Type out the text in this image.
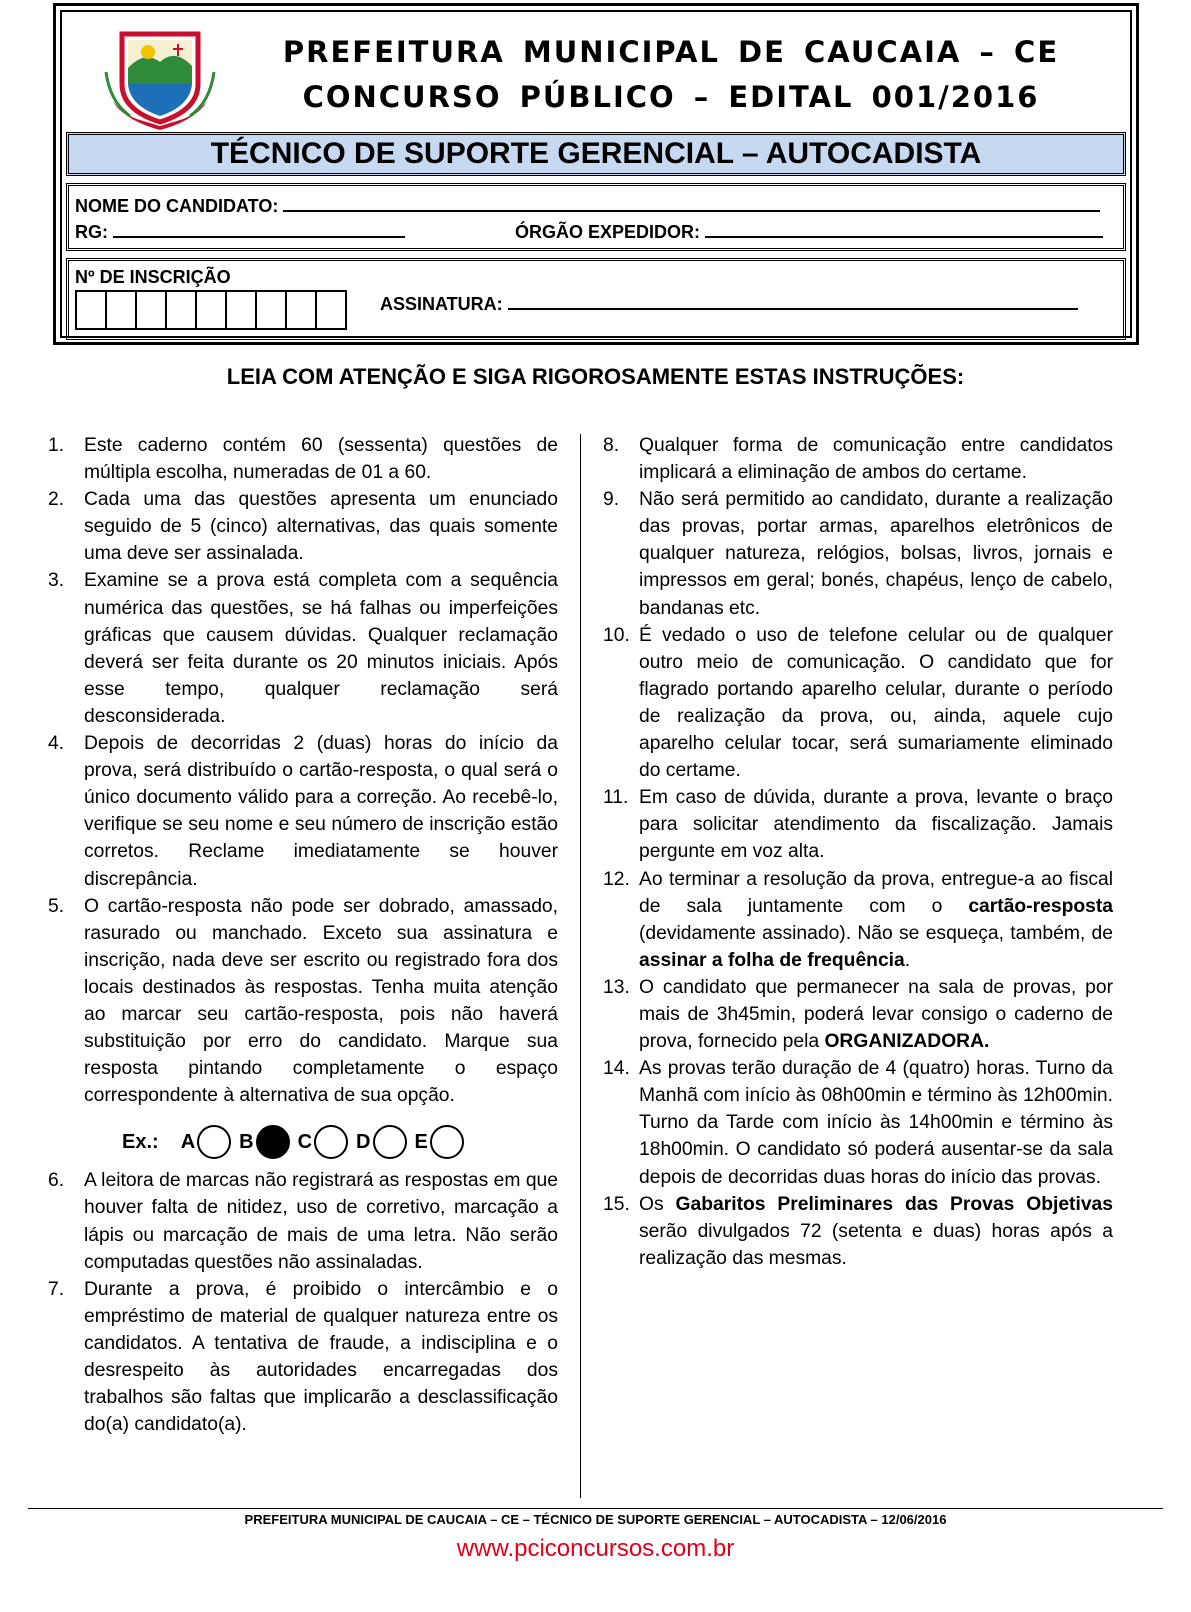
PREFEITURA MUNICIPAL DE CAUCAIA – CE
CONCURSO PÚBLICO – EDITAL 001/2016
TÉCNICO DE SUPORTE GERENCIAL – AUTOCADISTA
NOME DO CANDIDATO:
RG:	ÓRGÃO EXPEDIDOR:
Nº DE INSCRIÇÃO
ASSINATURA:
LEIA COM ATENÇÃO E SIGA RIGOROSAMENTE ESTAS INSTRUÇÕES:
1.	Este caderno contém 60 (sessenta) questões de múltipla escolha, numeradas de 01 a 60.
2.	Cada uma das questões apresenta um enunciado seguido de 5 (cinco) alternativas, das quais somente uma deve ser assinalada.
3.	Examine se a prova está completa com a sequência numérica das questões, se há falhas ou imperfeições gráficas que causem dúvidas. Qualquer reclamação deverá ser feita durante os 20 minutos iniciais. Após esse tempo, qualquer reclamação será desconsiderada.
4.	Depois de decorridas 2 (duas) horas do início da prova, será distribuído o cartão-resposta, o qual será o único documento válido para a correção. Ao recebê-lo, verifique se seu nome e seu número de inscrição estão corretos. Reclame imediatamente se houver discrepância.
5.	O cartão-resposta não pode ser dobrado, amassado, rasurado ou manchado. Exceto sua assinatura e inscrição, nada deve ser escrito ou registrado fora dos locais destinados às respostas. Tenha muita atenção ao marcar seu cartão-resposta, pois não haverá substituição por erro do candidato. Marque sua resposta pintando completamente o espaço correspondente à alternativa de sua opção.
Ex.: A B C D E
6.	A leitora de marcas não registrará as respostas em que houver falta de nitidez, uso de corretivo, marcação a lápis ou marcação de mais de uma letra. Não serão computadas questões não assinaladas.
7.	Durante a prova, é proibido o intercâmbio e o empréstimo de material de qualquer natureza entre os candidatos. A tentativa de fraude, a indisciplina e o desrespeito às autoridades encarregadas dos trabalhos são faltas que implicarão a desclassificação do(a) candidato(a).
8.	Qualquer forma de comunicação entre candidatos implicará a eliminação de ambos do certame.
9.	Não será permitido ao candidato, durante a realização das provas, portar armas, aparelhos eletrônicos de qualquer natureza, relógios, bolsas, livros, jornais e impressos em geral; bonés, chapéus, lenço de cabelo, bandanas etc.
10. É vedado o uso de telefone celular ou de qualquer outro meio de comunicação. O candidato que for flagrado portando aparelho celular, durante o período de realização da prova, ou, ainda, aquele cujo aparelho celular tocar, será sumariamente eliminado do certame.
11. Em caso de dúvida, durante a prova, levante o braço para solicitar atendimento da fiscalização. Jamais pergunte em voz alta.
12. Ao terminar a resolução da prova, entregue-a ao fiscal de sala juntamente com o cartão-resposta (devidamente assinado). Não se esqueça, também, de assinar a folha de frequência.
13. O candidato que permanecer na sala de provas, por mais de 3h45min, poderá levar consigo o caderno de prova, fornecido pela ORGANIZADORA.
14. As provas terão duração de 4 (quatro) horas. Turno da Manhã com início às 08h00min e término às 12h00min. Turno da Tarde com início às 14h00min e término às 18h00min. O candidato só poderá ausentar-se da sala depois de decorridas duas horas do início das provas.
15. Os Gabaritos Preliminares das Provas Objetivas serão divulgados 72 (setenta e duas) horas após a realização das mesmas.
PREFEITURA MUNICIPAL DE CAUCAIA – CE – TÉCNICO DE SUPORTE GERENCIAL – AUTOCADISTA – 12/06/2016
www.pciconcursos.com.br
